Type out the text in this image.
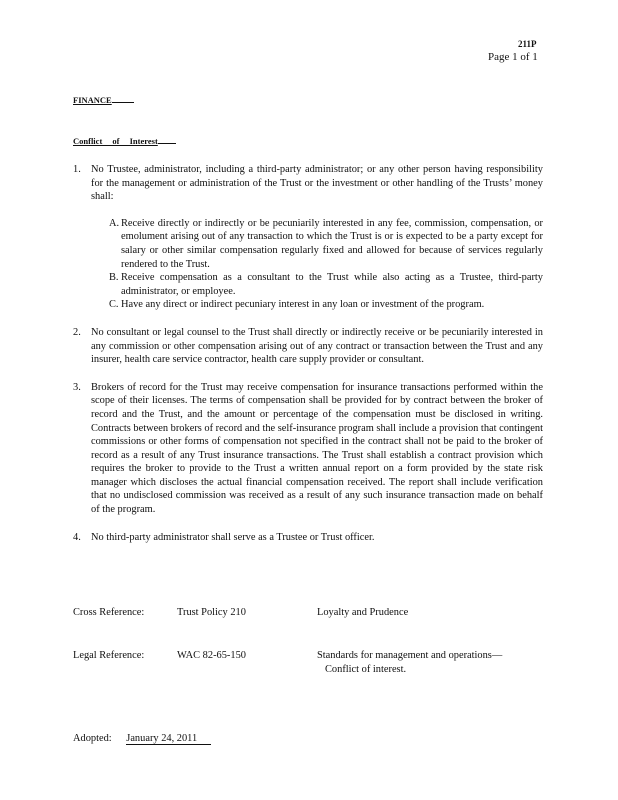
211P
Page 1 of 1
FINANCE
Conflict of Interest
1. No Trustee, administrator, including a third-party administrator; or any other person having responsibility for the management or administration of the Trust or the investment or other handling of the Trusts’ money shall:

A. Receive directly or indirectly or be pecuniarily interested in any fee, commission, compensation, or emolument arising out of any transaction to which the Trust is or is expected to be a party except for salary or other similar compensation regularly fixed and allowed for because of services regularly rendered to the Trust.

B. Receive compensation as a consultant to the Trust while also acting as a Trustee, third-party administrator, or employee.

C. Have any direct or indirect pecuniary interest in any loan or investment of the program.

2. No consultant or legal counsel to the Trust shall directly or indirectly receive or be pecuniarily interested in any commission or other compensation arising out of any contract or transaction between the Trust and any insurer, health care service contractor, health care supply provider or consultant.

3. Brokers of record for the Trust may receive compensation for insurance transactions performed within the scope of their licenses. The terms of compensation shall be provided for by contract between the broker of record and the Trust, and the amount or percentage of the compensation must be disclosed in writing. Contracts between brokers of record and the self-insurance program shall include a provision that contingent commissions or other forms of compensation not specified in the contract shall not be paid to the broker of record as a result of any Trust insurance transactions. The Trust shall establish a contract provision which requires the broker to provide to the Trust a written annual report on a form provided by the state risk manager which discloses the actual financial compensation received. The report shall include verification that no undisclosed commission was received as a result of any such insurance transaction made on behalf of the program.

4. No third-party administrator shall serve as a Trustee or Trust officer.

Cross Reference:	Trust Policy 210	Loyalty and Prudence
Legal Reference:	WAC 82-65-150	Standards for management and operations—
Conflict of interest.
Adopted: January 24, 2011
